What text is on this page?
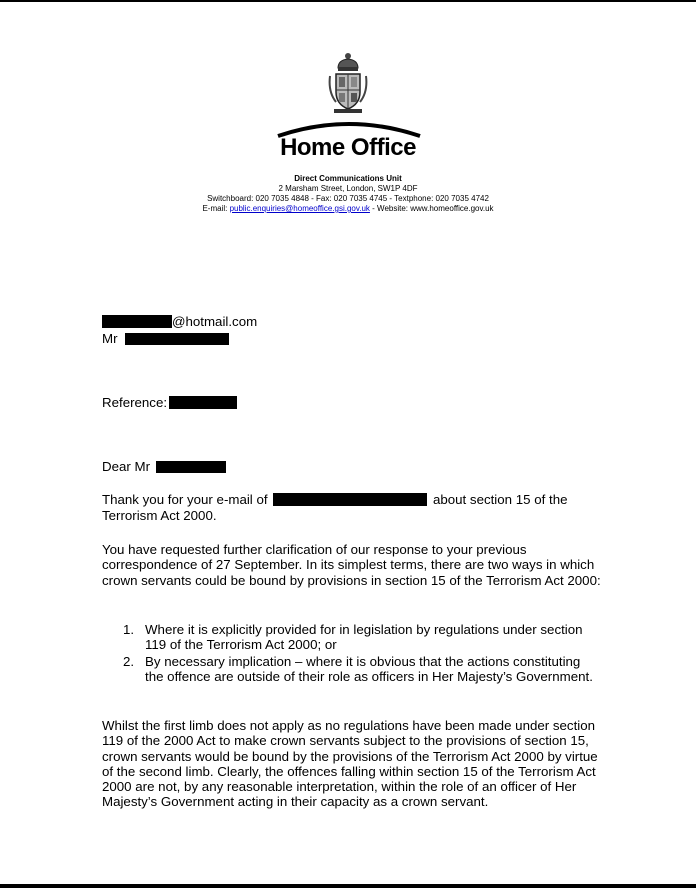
Home Office
Direct Communications Unit
2 Marsham Street, London, SW1P 4DF
Switchboard: 020 7035 4848 - Fax: 020 7035 4745 - Textphone: 020 7035 4742
E-mail: public.enquiries@homeoffice.gsi.gov.uk - Website: www.homeoffice.gov.uk
@hotmail.com
Mr
Reference:
Dear Mr
Thank you for your e-mail of	about section 15 of the
Terrorism Act 2000.

You have requested further clarification of our response to your previous correspondence of 27 September. In its simplest terms, there are two ways in which crown servants could be bound by provisions in section 15 of the Terrorism Act 2000:

1. Where it is explicitly provided for in legislation by regulations under section 119 of the Terrorism Act 2000; or
2. By necessary implication – where it is obvious that the actions constituting the offence are outside of their role as officers in Her Majesty’s Government.

Whilst the first limb does not apply as no regulations have been made under section 119 of the 2000 Act to make crown servants subject to the provisions of section 15, crown servants would be bound by the provisions of the Terrorism Act 2000 by virtue of the second limb. Clearly, the offences falling within section 15 of the Terrorism Act 2000 are not, by any reasonable interpretation, within the role of an officer of Her Majesty’s Government acting in their capacity as a crown servant.
